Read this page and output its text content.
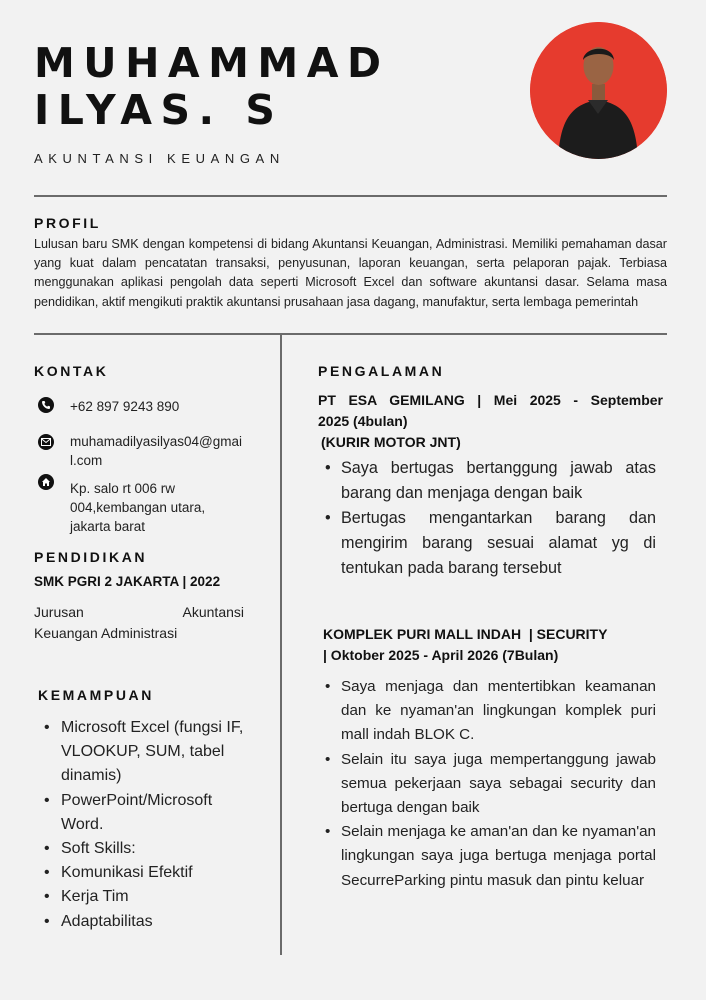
MUHAMMAD
ILYAS. S
AKUNTANSI KEUANGAN
PROFIL
Lulusan baru SMK dengan kompetensi di bidang Akuntansi Keuangan, Administrasi. Memiliki pemahaman dasar yang kuat dalam pencatatan transaksi, penyusunan, laporan keuangan, serta pelaporan pajak. Terbiasa menggunakan aplikasi pengolah data seperti Microsoft Excel dan software akuntansi dasar. Selama masa pendidikan, aktif mengikuti praktik akuntansi prusahaan jasa dagang, manufaktur, serta lembaga pemerintah
KONTAK
+62 897 9243 890
muhamadilyasilyas04@gmai
l.com
Kp. salo rt 006 rw
004,kembangan utara,
jakarta barat
PENDIDIKAN
SMK PGRI 2 JAKARTA | 2022
Jurusan Akuntansi
Keuangan Administrasi
KEMAMPUAN
• Microsoft Excel (fungsi IF, VLOOKUP, SUM, tabel dinamis)
• PowerPoint/Microsoft Word.
• Soft Skills:
• Komunikasi Efektif
• Kerja Tim
• Adaptabilitas
PENGALAMAN
PT ESA GEMILANG | Mei 2025 - September
2025 (4bulan)
(KURIR MOTOR JNT)
• Saya bertugas bertanggung jawab atas barang dan menjaga dengan baik
• Bertugas mengantarkan barang dan mengirim barang sesuai alamat yg di tentukan pada barang tersebut
KOMPLEK PURI MALL INDAH  | SECURITY
| Oktober 2025 - April 2026 (7Bulan)
• Saya menjaga dan mentertibkan keamanan dan ke nyaman'an lingkungan komplek puri mall indah BLOK C.
• Selain itu saya juga mempertanggung jawab semua pekerjaan saya sebagai security dan bertuga dengan baik
• Selain menjaga ke aman'an dan ke nyaman'an lingkungan saya juga bertuga menjaga portal SecurreParking pintu masuk dan pintu keluar
